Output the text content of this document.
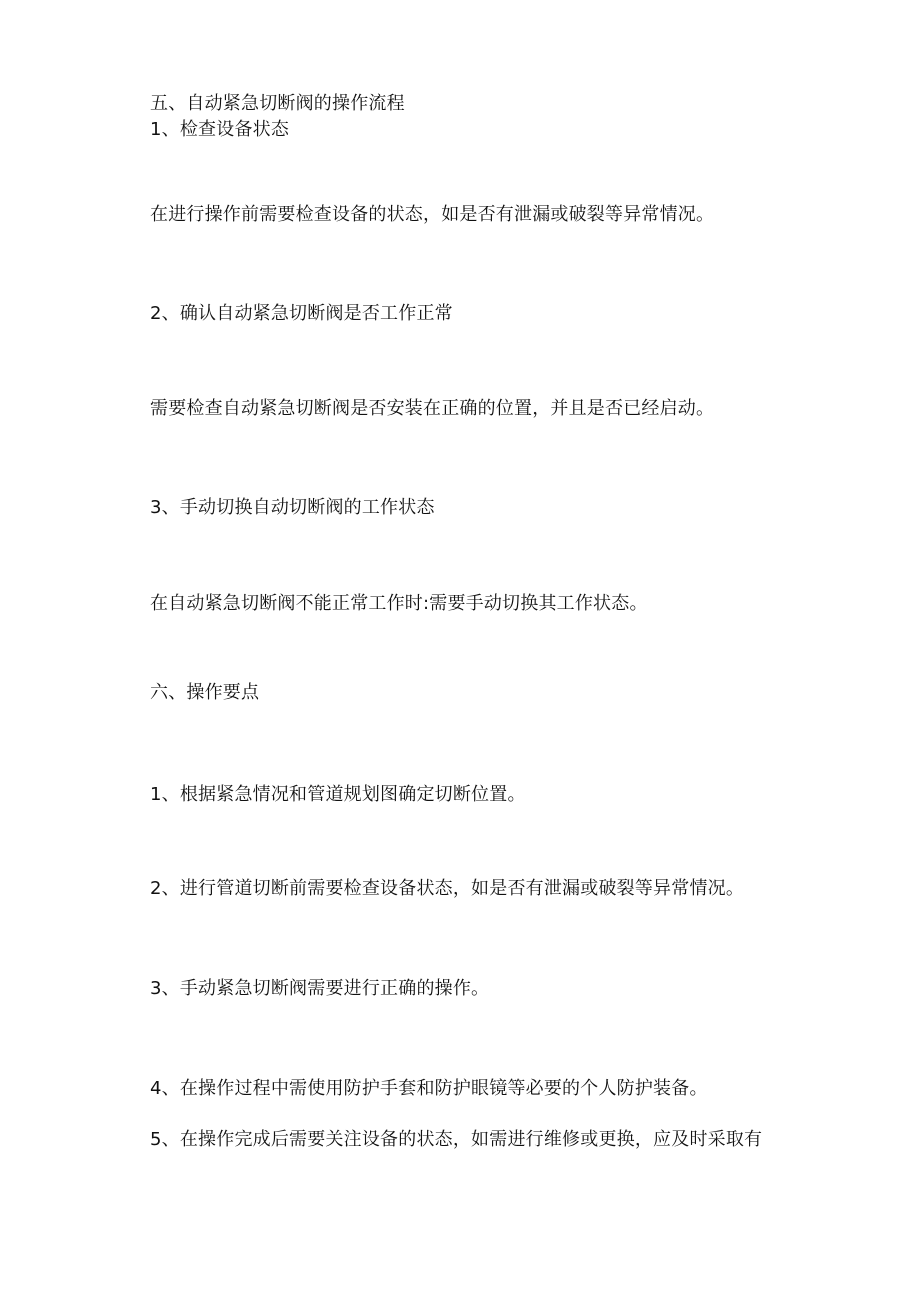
五、自动紧急切断阀的操作流程

1、检查设备状态

在进行操作前需要检查设备的状态，如是否有泄漏或破裂等异常情况。

2、确认自动紧急切断阀是否工作正常

需要检查自动紧急切断阀是否安装在正确的位置，并且是否已经启动。

3、手动切换自动切断阀的工作状态

在自动紧急切断阀不能正常工作时:需要手动切换其工作状态。

六、操作要点

1、根据紧急情况和管道规划图确定切断位置。

2、进行管道切断前需要检查设备状态，如是否有泄漏或破裂等异常情况。

3、手动紧急切断阀需要进行正确的操作。

4、在操作过程中需使用防护手套和防护眼镜等必要的个人防护装备。

5、在操作完成后需要关注设备的状态，如需进行维修或更换，应及时采取有
